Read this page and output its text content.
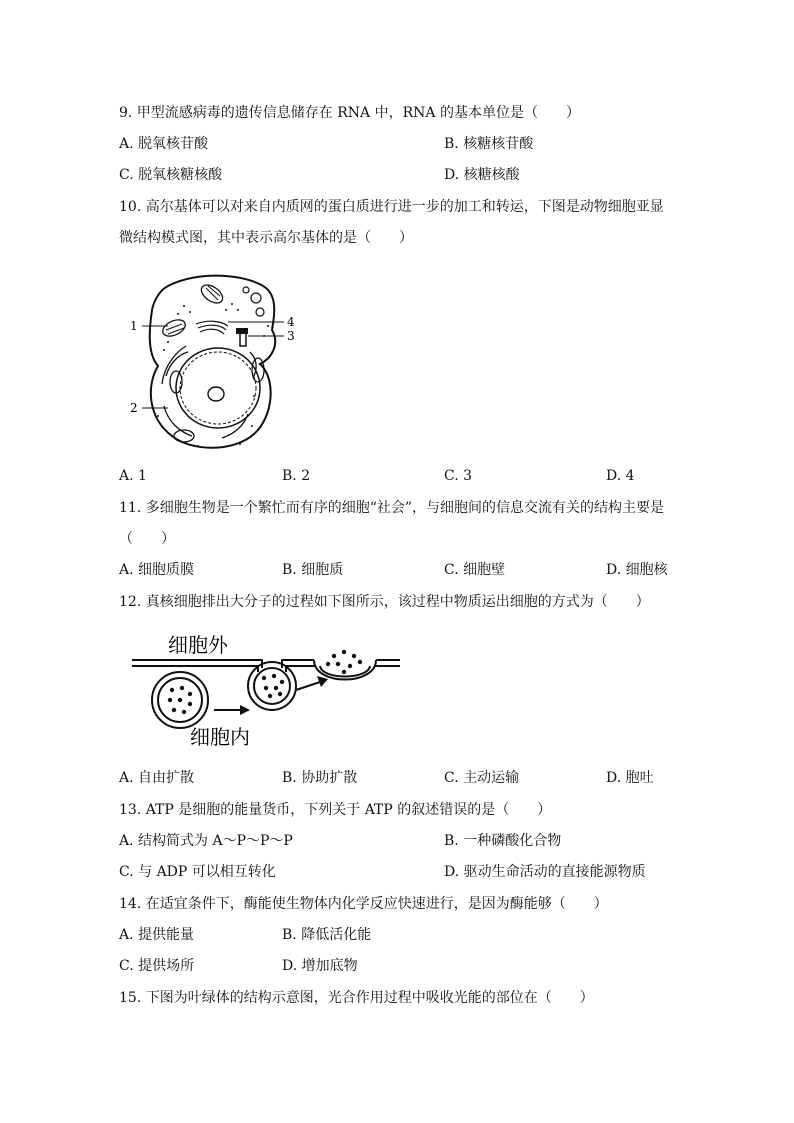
9. 甲型流感病毒的遗传信息储存在 RNA 中，RNA 的基本单位是（　　）
A. 脱氧核苷酸	B. 核糖核苷酸
C. 脱氧核糖核酸	D. 核糖核酸
10. 高尔基体可以对来自内质网的蛋白质进行进一步的加工和转运，下图是动物细胞亚显
微结构模式图，其中表示高尔基体的是（　　）
1
2
3
4
A. 1	B. 2	C. 3	D. 4
11. 多细胞生物是一个繁忙而有序的细胞“社会”，与细胞间的信息交流有关的结构主要是
（　　）
A. 细胞质膜	B. 细胞质	C. 细胞壁	D. 细胞核
12. 真核细胞排出大分子的过程如下图所示，该过程中物质运出细胞的方式为（　　）
细胞外
细胞内
A. 自由扩散	B. 协助扩散	C. 主动运输	D. 胞吐
13. ATP 是细胞的能量货币，下列关于 ATP 的叙述错误的是（　　）
A. 结构简式为 A～P～P～P	B. 一种磷酸化合物
C. 与 ADP 可以相互转化	D. 驱动生命活动的直接能源物质
14. 在适宜条件下，酶能使生物体内化学反应快速进行，是因为酶能够（　　）
A. 提供能量	B. 降低活化能
C. 提供场所	D. 增加底物
15. 下图为叶绿体的结构示意图，光合作用过程中吸收光能的部位在（　　）
